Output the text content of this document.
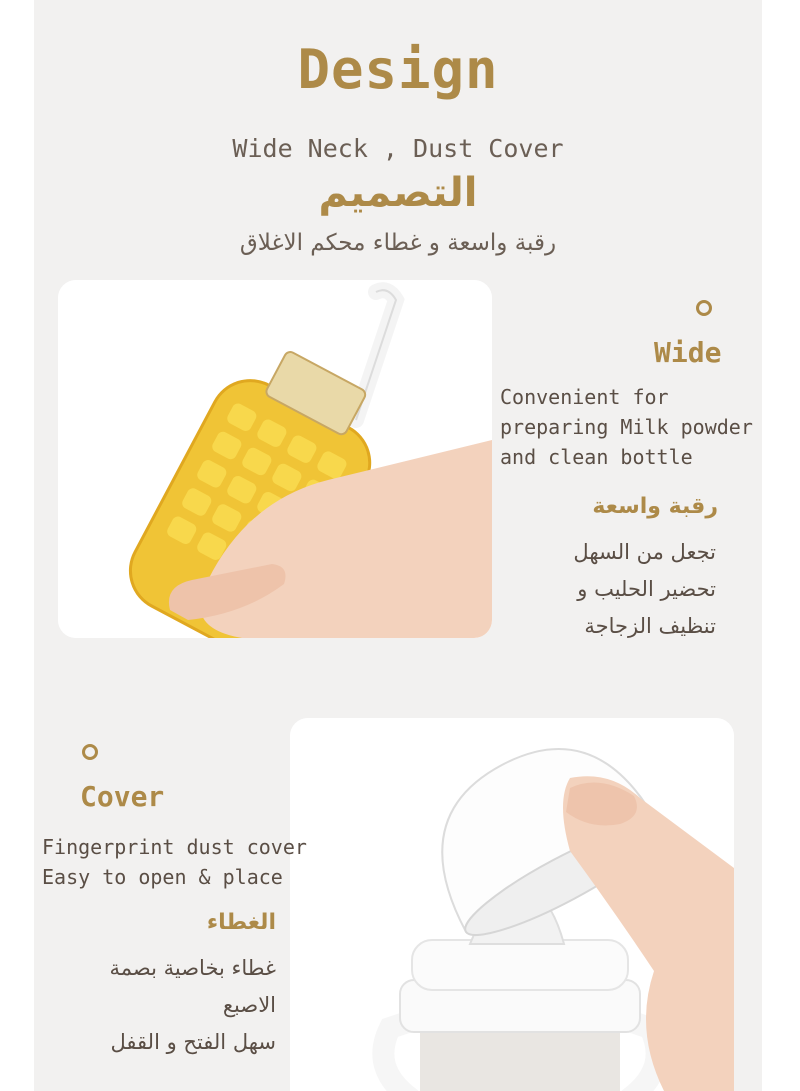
Design
Wide Neck , Dust Cover
التصميم
رقبة واسعة و غطاء محكم الاغلاق
Wide
Convenient for
preparing Milk powder
and clean bottle
رقبة واسعة
تجعل من السهل
تحضير الحليب و
تنظيف الزجاجة
Cover
Fingerprint dust cover
Easy to open & place
الغطاء
غطاء بخاصية بصمة
الاصبع
سهل الفتح و القفل
